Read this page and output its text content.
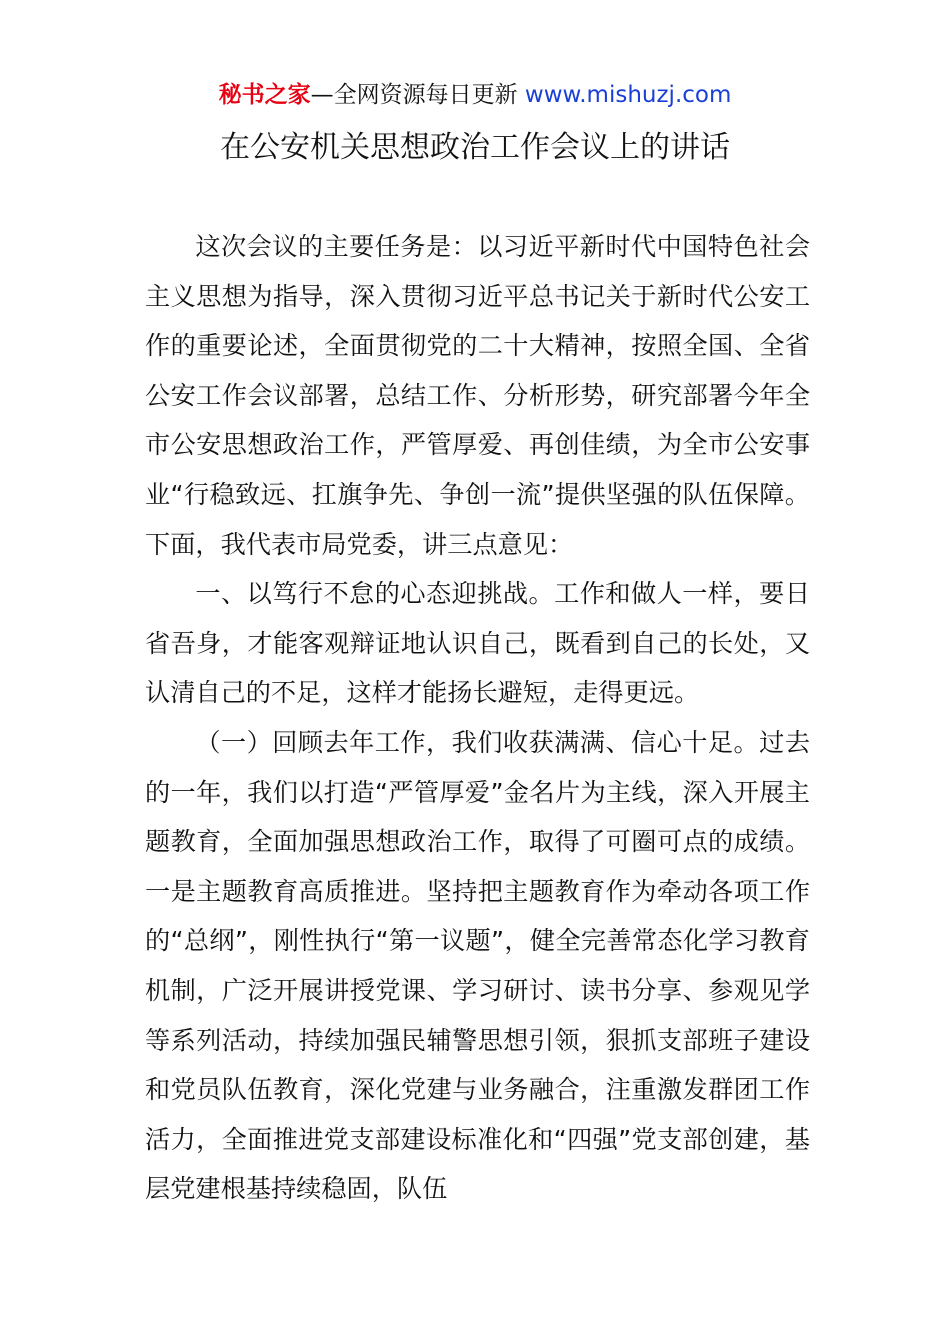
秘书之家—全网资源每日更新 www.mishuzj.com
在公安机关思想政治工作会议上的讲话

这次会议的主要任务是：以习近平新时代中国特色社会主义思想为指导，深入贯彻习近平总书记关于新时代公安工作的重要论述，全面贯彻党的二十大精神，按照全国、全省公安工作会议部署，总结工作、分析形势，研究部署今年全市公安思想政治工作，严管厚爱、再创佳绩，为全市公安事业“行稳致远、扛旗争先、争创一流”提供坚强的队伍保障。下面，我代表市局党委，讲三点意见：

一、以笃行不怠的心态迎挑战。工作和做人一样，要日省吾身，才能客观辩证地认识自己，既看到自己的长处，又认清自己的不足，这样才能扬长避短，走得更远。

（一）回顾去年工作，我们收获满满、信心十足。过去的一年，我们以打造“严管厚爱”金名片为主线，深入开展主题教育，全面加强思想政治工作，取得了可圈可点的成绩。一是主题教育高质推进。坚持把主题教育作为牵动各项工作的“总纲”，刚性执行“第一议题”，健全完善常态化学习教育机制，广泛开展讲授党课、学习研讨、读书分享、参观见学等系列活动，持续加强民辅警思想引领，狠抓支部班子建设和党员队伍教育，深化党建与业务融合，注重激发群团工作活力，全面推进党支部建设标准化和“四强”党支部创建，基层党建根基持续稳固，队伍
